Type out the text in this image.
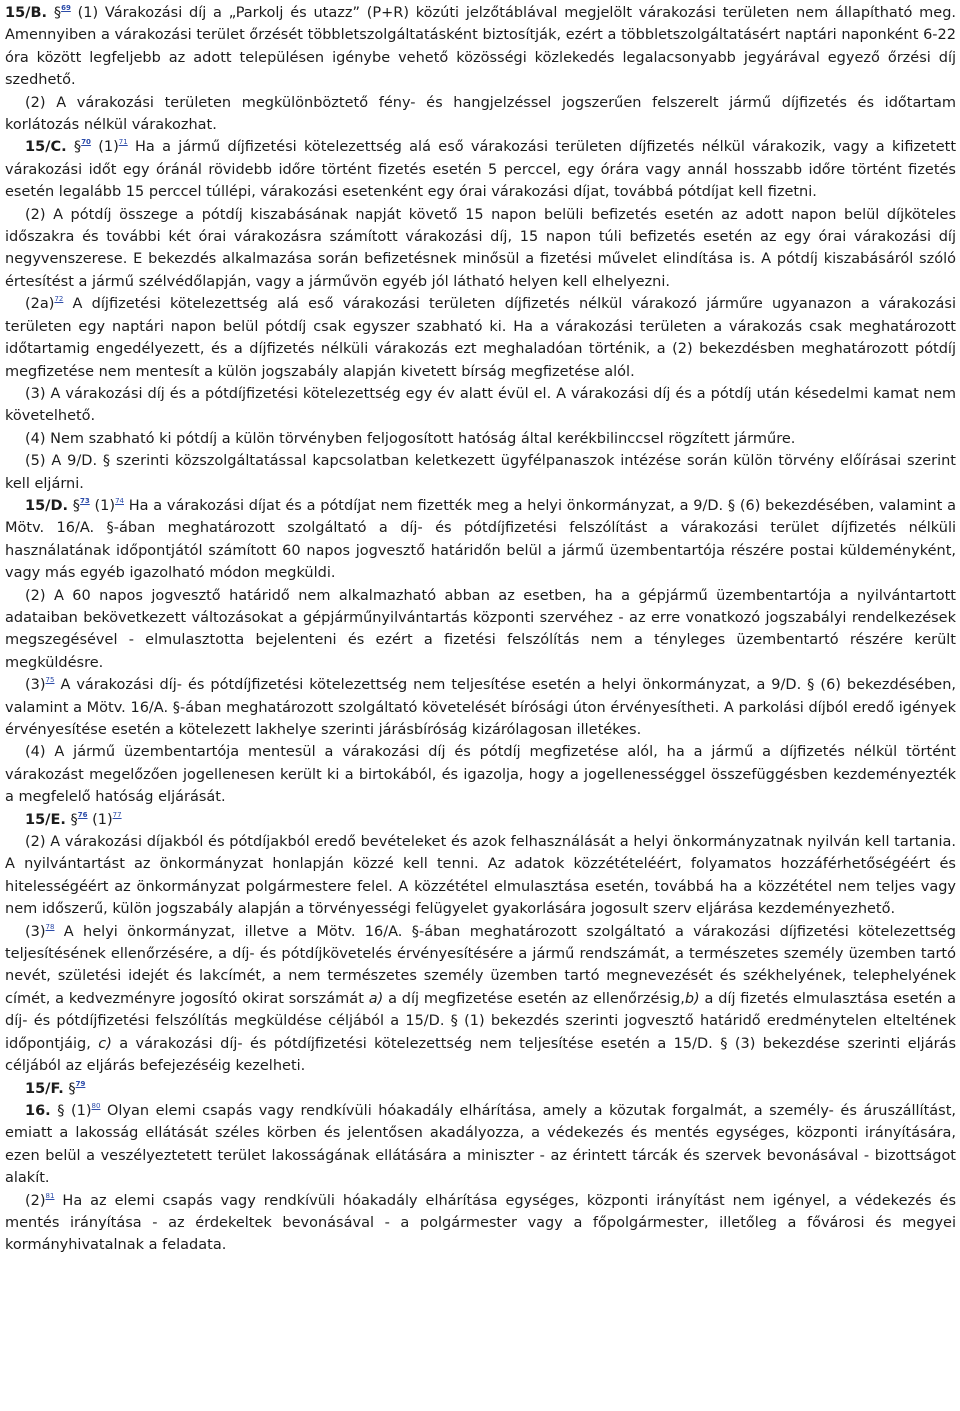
15/B. §$^{69}$ (1) Várakozási díj a „Parkolj és utazz” (P+R) közúti jelzőtáblával megjelölt várakozási területen nem állapítható meg. Amennyiben a várakozási terület őrzését többletszolgáltatásként biztosítják, ezért a többletszolgáltatásért naptári naponként 6-22 óra között legfeljebb az adott településen igénybe vehető közösségi közlekedés legalacsonyabb jegyárával egyező őrzési díj szedhető.

(2) A várakozási területen megkülönböztető fény- és hangjelzéssel jogszerűen felszerelt jármű díjfizetés és időtartam korlátozás nélkül várakozhat.

15/C. §$^{70}$ $(1)^{71}$ Ha a jármű díjfizetési kötelezettség alá eső várakozási területen díjfizetés nélkül várakozik, vagy a kifizetett várakozási időt egy óránál rövidebb időre történt fizetés esetén 5 perccel, egy órára vagy annál hosszabb időre történt fizetés esetén legalább 15 perccel túllépi, várakozási esetenként egy órai várakozási díjat, továbbá pótdíjat kell fizetni.

(2) A pótdíj összege a pótdíj kiszabásának napját követő 15 napon belüli befizetés esetén az adott napon belül díjköteles időszakra és további két órai várakozásra számított várakozási díj, 15 napon túli befizetés esetén az egy órai várakozási díj negyvenszerese. E bekezdés alkalmazása során befizetésnek minősül a fizetési művelet elindítása is. A pótdíj kiszabásáról szóló értesítést a jármű szélvédőlapján, vagy a járművön egyéb jól látható helyen kell elhelyezni.

$(2a)^{72}$ A díjfizetési kötelezettség alá eső várakozási területen díjfizetés nélkül várakozó járműre ugyanazon a várakozási területen egy naptári napon belül pótdíj csak egyszer szabható ki. Ha a várakozási területen a várakozás csak meghatározott időtartamig engedélyezett, és a díjfizetés nélküli várakozás ezt meghaladóan történik, a (2) bekezdésben meghatározott pótdíj megfizetése nem mentesít a külön jogszabály alapján kivetett bírság megfizetése alól.

(3) A várakozási díj és a pótdíjfizetési kötelezettség egy év alatt évül el. A várakozási díj és a pótdíj után késedelmi kamat nem követelhető.

(4) Nem szabható ki pótdíj a külön törvényben feljogosított hatóság által kerékbilinccsel rögzített járműre.

(5) A 9/D. § szerinti közszolgáltatással kapcsolatban keletkezett ügyfélpanaszok intézése során külön törvény előírásai szerint kell eljárni.

15/D. §$^{73}$ $(1)^{74}$ Ha a várakozási díjat és a pótdíjat nem fizették meg a helyi önkormányzat, a 9/D. § (6) bekezdésében, valamint a Mötv. 16/A. §-ában meghatározott szolgáltató a díj- és pótdíjfizetési felszólítást a várakozási terület díjfizetés nélküli használatának időpontjától számított 60 napos jogvesztő határidőn belül a jármű üzembentartója részére postai küldeményként, vagy más egyéb igazolható módon megküldi.

(2) A 60 napos jogvesztő határidő nem alkalmazható abban az esetben, ha a gépjármű üzembentartója a nyilvántartott adataiban bekövetkezett változásokat a gépjárműnyilvántartás központi szervéhez - az erre vonatkozó jogszabályi rendelkezések megszegésével - elmulasztotta bejelenteni és ezért a fizetési felszólítás nem a tényleges üzembentartó részére került megküldésre.

$(3)^{75}$ A várakozási díj- és pótdíjfizetési kötelezettség nem teljesítése esetén a helyi önkormányzat, a 9/D. § (6) bekezdésében, valamint a Mötv. 16/A. §-ában meghatározott szolgáltató követelését bírósági úton érvényesítheti. A parkolási díjból eredő igények érvényesítése esetén a kötelezett lakhelye szerinti járásbíróság kizárólagosan illetékes.

(4) A jármű üzembentartója mentesül a várakozási díj és pótdíj megfizetése alól, ha a jármű a díjfizetés nélkül történt várakozást megelőzően jogellenesen került ki a birtokából, és igazolja, hogy a jogellenességgel összefüggésben kezdeményezték a megfelelő hatóság eljárását.

15/E. §$^{76}$ $(1)^{77}$

(2) A várakozási díjakból és pótdíjakból eredő bevételeket és azok felhasználását a helyi önkormányzatnak nyilván kell tartania. A nyilvántartást az önkormányzat honlapján közzé kell tenni. Az adatok közzétételéért, folyamatos hozzáférhetőségéért és hitelességéért az önkormányzat polgármestere felel. A közzététel elmulasztása esetén, továbbá ha a közzététel nem teljes vagy nem időszerű, külön jogszabály alapján a törvényességi felügyelet gyakorlására jogosult szerv eljárása kezdeményezhető.

$(3)^{78}$ A helyi önkormányzat, illetve a Mötv. 16/A. §-ában meghatározott szolgáltató a várakozási díjfizetési kötelezettség teljesítésének ellenőrzésére, a díj- és pótdíjkövetelés érvényesítésére a jármű rendszámát, a természetes személy üzemben tartó nevét, születési idejét és lakcímét, a nem természetes személy üzemben tartó megnevezését és székhelyének, telephelyének címét, a kedvezményre jogosító okirat sorszámát a) a díj megfizetése esetén az ellenőrzésig,b) a díj fizetés elmulasztása esetén a díj- és pótdíjfizetési felszólítás megküldése céljából a 15/D. § (1) bekezdés szerinti jogvesztő határidő eredménytelen elteltének időpontjáig, c) a várakozási díj- és pótdíjfizetési kötelezettség nem teljesítése esetén a 15/D. § (3) bekezdése szerinti eljárás céljából az eljárás befejezéséig kezelheti.

15/F. §$^{79}$

16. § $(1)^{80}$ Olyan elemi csapás vagy rendkívüli hóakadály elhárítása, amely a közutak forgalmát, a személy- és áruszállítást, emiatt a lakosság ellátását széles körben és jelentősen akadályozza, a védekezés és mentés egységes, központi irányítására, ezen belül a veszélyeztetett terület lakosságának ellátására a miniszter - az érintett tárcák és szervek bevonásával - bizottságot alakít.

$(2)^{81}$ Ha az elemi csapás vagy rendkívüli hóakadály elhárítása egységes, központi irányítást nem igényel, a védekezés és mentés irányítása - az érdekeltek bevonásával - a polgármester vagy a főpolgármester, illetőleg a fővárosi és megyei kormányhivatalnak a feladata.
